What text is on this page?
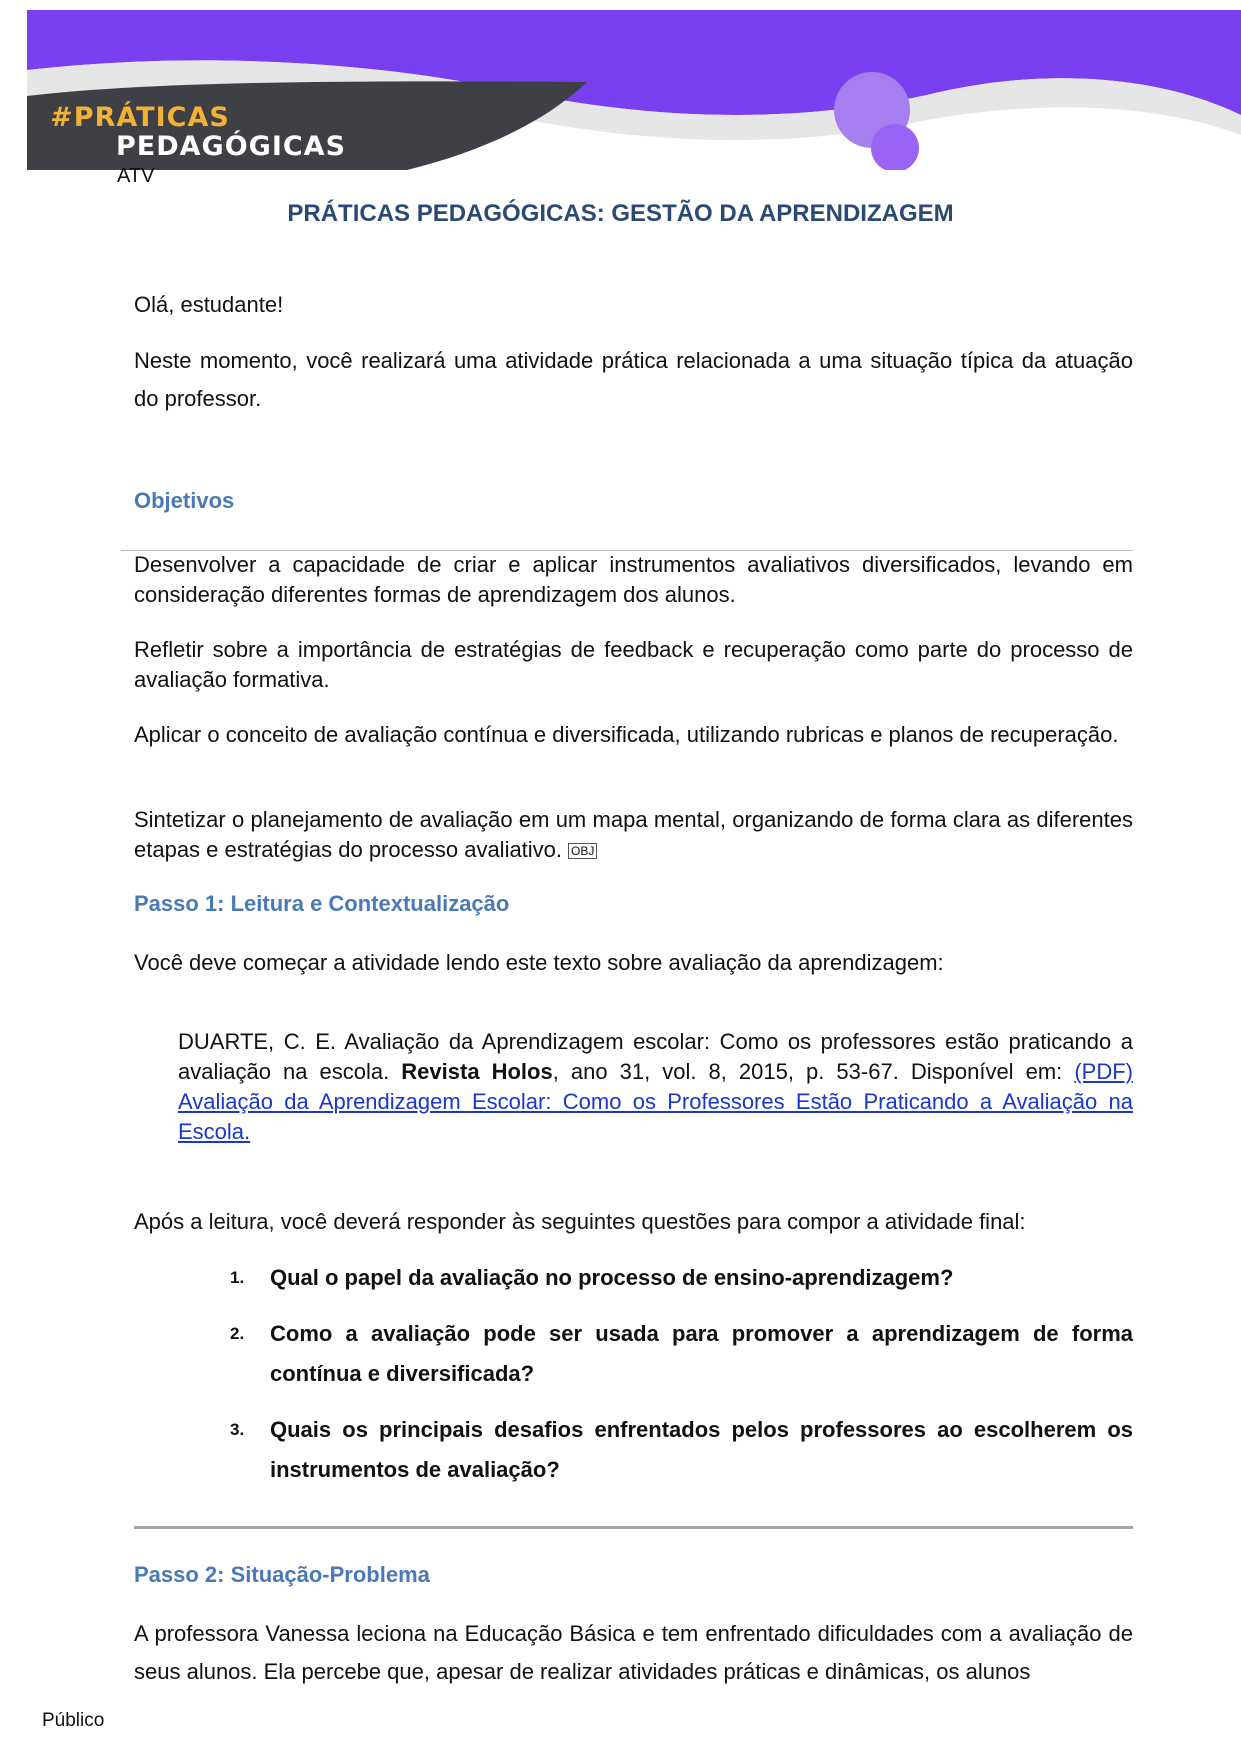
# PRÁTICAS
PEDAGÓGICAS
ATV
PRÁTICAS PEDAGÓGICAS: GESTÃO DA APRENDIZAGEM

Olá, estudante!

Neste momento, você realizará uma atividade prática relacionada a uma situação típica da atuação do professor.

Objetivos

Desenvolver a capacidade de criar e aplicar instrumentos avaliativos diversificados, levando em consideração diferentes formas de aprendizagem dos alunos.

Refletir sobre a importância de estratégias de feedback e recuperação como parte do processo de avaliação formativa.

Aplicar o conceito de avaliação contínua e diversificada, utilizando rubricas e planos de recuperação.

Sintetizar o planejamento de avaliação em um mapa mental, organizando de forma clara as diferentes etapas e estratégias do processo avaliativo. OBJ

Passo 1: Leitura e Contextualização

Você deve começar a atividade lendo este texto sobre avaliação da aprendizagem:

DUARTE, C. E. Avaliação da Aprendizagem escolar: Como os professores estão praticando a avaliação na escola. Revista Holos, ano 31, vol. 8, 2015, p. 53-67. Disponível em: (PDF) Avaliação da Aprendizagem Escolar: Como os Professores Estão Praticando a Avaliação na Escola.

Após a leitura, você deverá responder às seguintes questões para compor a atividade final:

1. Qual o papel da avaliação no processo de ensino-aprendizagem?

2. Como a avaliação pode ser usada para promover a aprendizagem de forma contínua e diversificada?

3. Quais os principais desafios enfrentados pelos professores ao escolherem os instrumentos de avaliação?

Passo 2: Situação-Problema

A professora Vanessa leciona na Educação Básica e tem enfrentado dificuldades com a avaliação de seus alunos. Ela percebe que, apesar de realizar atividades práticas e dinâmicas, os alunos

Público
